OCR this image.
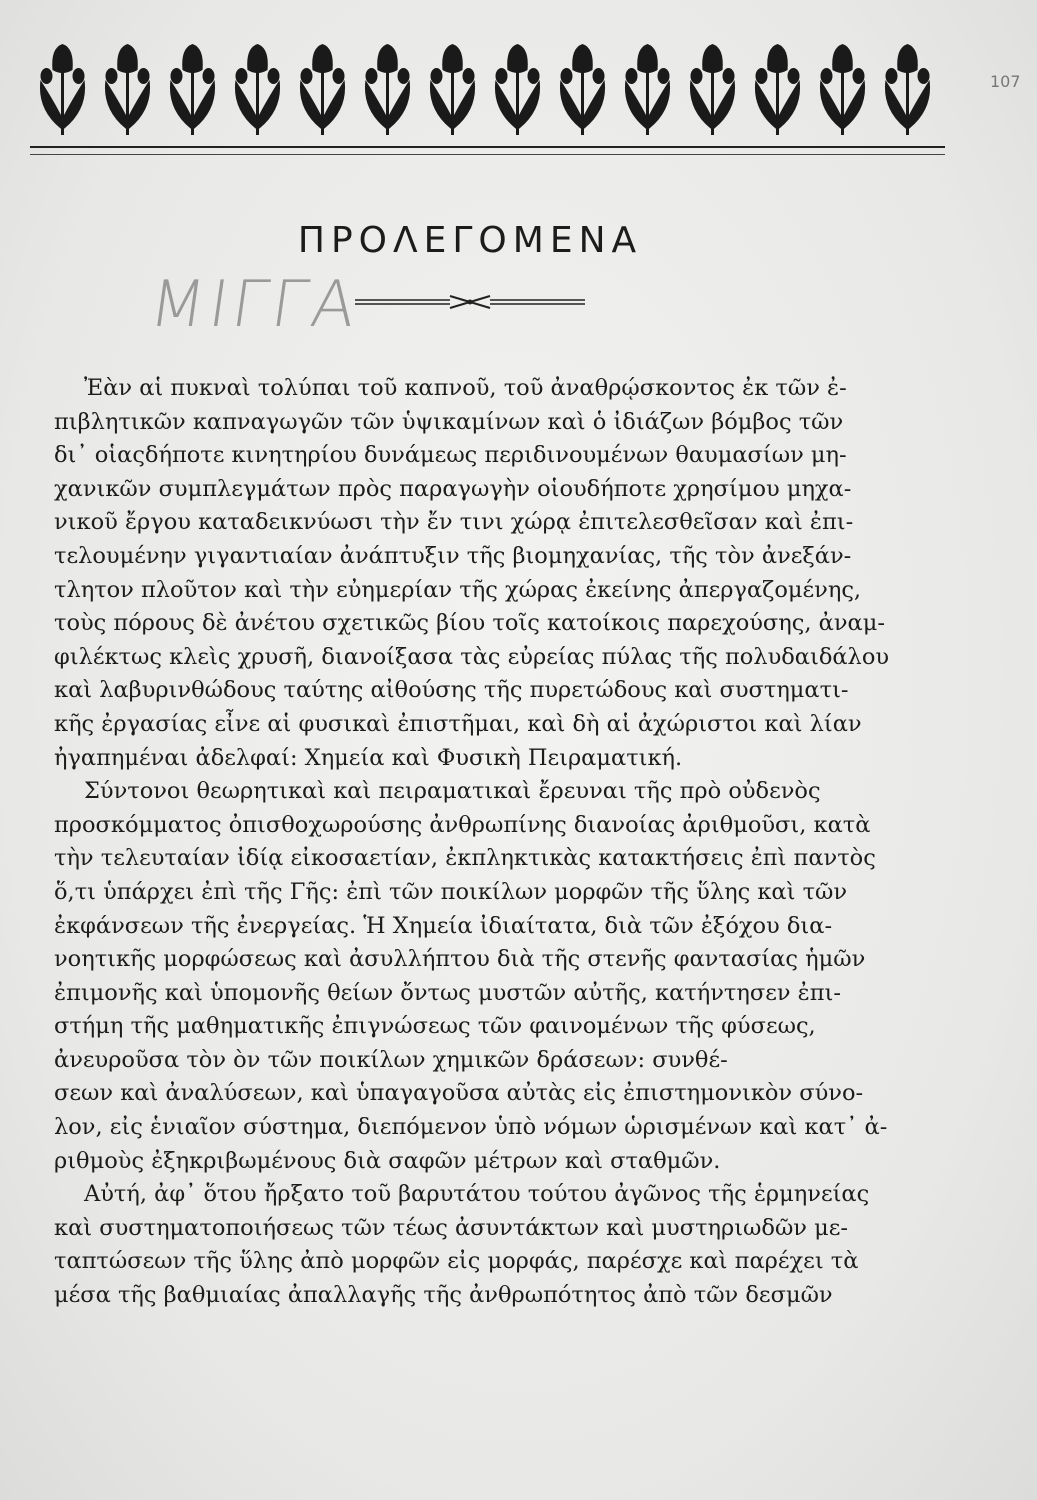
107
ΠΡΟΛΕΓΟΜΕΝΑ
ΜΙΓΓΑ

Ἐὰν αἱ πυκναὶ τολύπαι τοῦ καπνοῦ, τοῦ ἀναθρῴσκοντος ἐκ τῶν ἐ-
πιβλητικῶν καπναγωγῶν τῶν ὑψικαμίνων καὶ ὁ ἰδιάζων βόμβος τῶν
δι᾽ οἱαςδήποτε κινητηρίου δυνάμεως περιδινουμένων θαυμασίων μη-
χανικῶν συμπλεγμάτων πρὸς παραγωγὴν οἱουδήποτε χρησίμου μηχα-
νικοῦ ἔργου καταδεικνύωσι τὴν ἔν τινι χώρᾳ ἐπιτελεσθεῖσαν καὶ ἐπι-
τελουμένην γιγαντιαίαν ἀνάπτυξιν τῆς βιομηχανίας, τῆς τὸν ἀνεξάν-
τλητον πλοῦτον καὶ τὴν εὐημερίαν τῆς χώρας ἐκείνης ἀπεργαζομένης,
τοὺς πόρους δὲ ἀνέτου σχετικῶς βίου τοῖς κατοίκοις παρεχούσης, ἀναμ-
φιλέκτως κλεὶς χρυσῆ, διανοίξασα τὰς εὐρείας πύλας τῆς πολυδαιδάλου
καὶ λαβυρινθώδους ταύτης αἰθούσης τῆς πυρετώδους καὶ συστηματι-
κῆς ἐργασίας εἶνε αἱ φυσικαὶ ἐπιστῆμαι, καὶ δὴ αἱ ἀχώριστοι καὶ λίαν
ἠγαπημέναι ἀδελφαί: Χημεία καὶ Φυσικὴ Πειραματική.

Σύντονοι θεωρητικαὶ καὶ πειραματικαὶ ἔρευναι τῆς πρὸ οὐδενὸς
προσκόμματος ὀπισθοχωρούσης ἀνθρωπίνης διανοίας ἀριθμοῦσι, κατὰ
τὴν τελευταίαν ἰδίᾳ εἰκοσαετίαν, ἐκπληκτικὰς κατακτήσεις ἐπὶ παντὸς
ὅ,τι ὑπάρχει ἐπὶ τῆς Γῆς: ἐπὶ τῶν ποικίλων μορφῶν τῆς ὕλης καὶ τῶν
ἐκφάνσεων τῆς ἐνεργείας. Ἡ Χημεία ἰδιαίτατα, διὰ τῶν ἐξόχου δια-
νοητικῆς μορφώσεως καὶ ἀσυλλήπτου διὰ τῆς στενῆς φαντασίας ἡμῶν
ἐπιμονῆς καὶ ὑπομονῆς θείων ὄντως μυστῶν αὐτῆς, κατήντησεν ἐπι-
στήμη τῆς μαθηματικῆς ἐπιγνώσεως τῶν φαινομένων τῆς φύσεως,
ἀνευροῦσα τὸν ὸν τῶν ποικίλων χημικῶν δράσεων: συνθέ-
σεων καὶ ἀναλύσεων, καὶ ὑπαγαγοῦσα αὐτὰς εἰς ἐπιστημονικὸν σύνο-
λον, εἰς ἑνιαῖον σύστημα, διεπόμενον ὑπὸ νόμων ὡρισμένων καὶ κατ᾽ ἀ-
ριθμοὺς ἐξηκριβωμένους διὰ σαφῶν μέτρων καὶ σταθμῶν.

Αὐτή, ἀφ᾽ ὅτου ἤρξατο τοῦ βαρυτάτου τούτου ἀγῶνος τῆς ἑρμηνείας
καὶ συστηματοποιήσεως τῶν τέως ἀσυντάκτων καὶ μυστηριωδῶν με-
ταπτώσεων τῆς ὕλης ἀπὸ μορφῶν εἰς μορφάς, παρέσχε καὶ παρέχει τὰ
μέσα τῆς βαθμιαίας ἀπαλλαγῆς τῆς ἀνθρωπότητος ἀπὸ τῶν δεσμῶν
